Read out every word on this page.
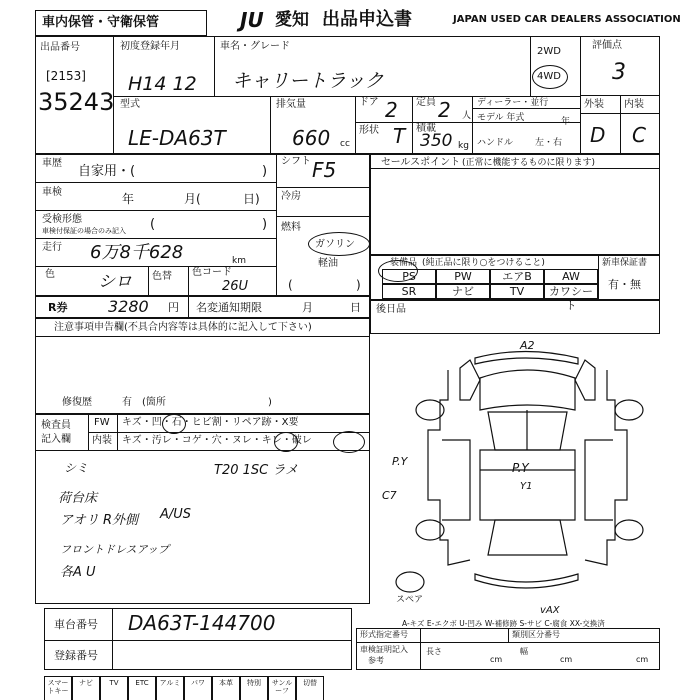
車内保管・守衛保管	JU 愛知 出品申込書	JAPAN USED CAR DEALERS ASSOCIATION
出品番号
[2153]
35243
初度登録年月
H14 12
車名・グレード
キャリートラック
2WD
4WD
評価点
3
外装 内装
D C
型式
LE-DA63T
排気量
660 cc
ドア 2 定員 2 人
形状 T 積載
350 kg
ディーラー・並行
モデル 年式	年
ハンドル 左・右
車歴
自家用・(	)
車検	年	月(	日)
受検形態
車検付保証の場合のみ記入 (	)
走行 6万8千628	km
色	シロ 色替 色コード
26U
シフト F5
冷房
燃料
ガソリン
軽油
(	)
セールスポイント (正常に機能するものに限ります)
装備品 (純正品に限り○をつけること)	新車保証書
有・無
PS	PW	エアB	AW
SR	ナビ	TV	カワシート
R券	3280 円 名変通知期限	月	日
注意事項申告欄(不具合内容等は具体的に記入して下さい)
修復歴	有 (箇所	)
後日品
検査員
記入欄
FW キズ・凹・石・ヒビ割・リペア跡・X要
内装 キズ・汚レ・コゲ・穴・ヌレ・キレ・破レ
シミ	T20 1SC ラメ
荷台床
アオリ R外側 A/US
フロントドレスアップ
各A U
A2
P.Y	P.Y
Y1
C7
スペア
vAX
A-キズ E-エクボ U-凹み W-補修跡 S-サビ C-腐食 XX-交換済
車台番号 DA63T-144700
登録番号
形式指定番号	類別区分番号
車検証明記入
参考
長さ	幅
cm	cm	cm
スマートキー
ナビ	TV	ETC	アルミ	パワ	本革	特別	サンルーフ
切替
